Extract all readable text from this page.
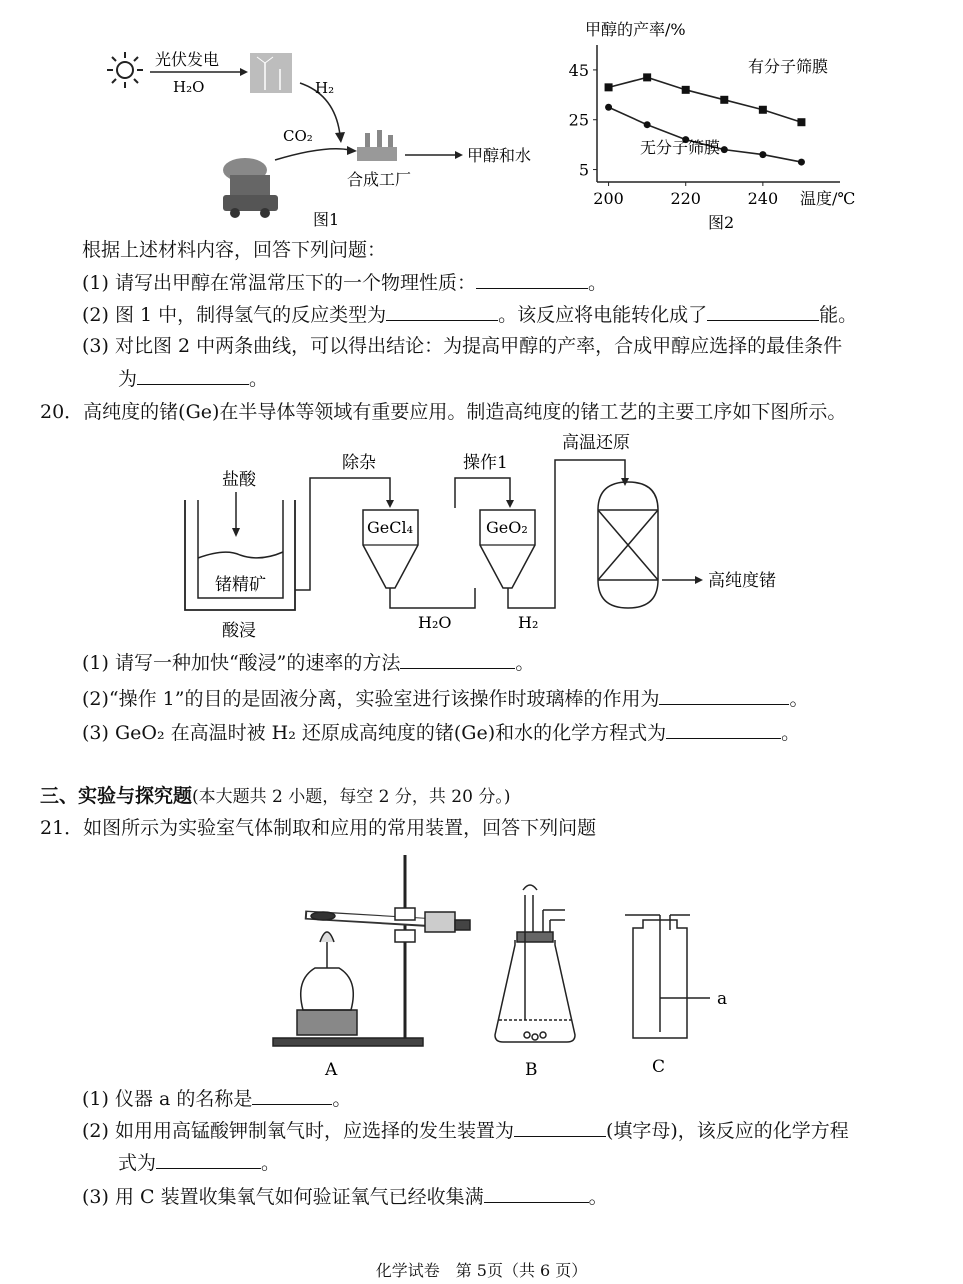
光伏发电
H₂O	H₂
CO₂
合成工厂
甲醇和水
图1
甲醇的产率/%
45
25
5
200	220	240 温度/℃
有分子筛膜
无分子筛膜
图2
根据上述材料内容，回答下列问题：
(1) 请写出甲醇在常温常压下的一个物理性质：	。
(2) 图 1 中，制得氢气的反应类型为	。该反应将电能转化成了	能。
(3) 对比图 2 中两条曲线，可以得出结论：为提高甲醇的产率，合成甲醇应选择的最佳条件
为	。
20．高纯度的锗(Ge)在半导体等领域有重要应用。制造高纯度的锗工艺的主要工序如下图所示。
盐酸
锗精矿
酸浸
除杂
GeCl₄
H₂O
操作1
GeO₂
H₂
高温还原
高纯度锗
(1) 请写一种加快“酸浸”的速率的方法	。
(2)“操作 1”的目的是固液分离，实验室进行该操作时玻璃棒的作用为	。
(3) GeO₂ 在高温时被 H₂ 还原成高纯度的锗(Ge)和水的化学方程式为	。
三、实验与探究题(本大题共 2 小题，每空 2 分，共 20 分。)
21．如图所示为实验室气体制取和应用的常用装置，回答下列问题
A	B
a
C
(1) 仪器 a 的名称是	。
(2) 如用用高锰酸钾制氧气时，应选择的发生装置为	(填字母)，该反应的化学方程
式为	。
(3) 用 C 装置收集氧气如何验证氧气已经收集满	。
化学试卷　第 5页（共 6 页）
